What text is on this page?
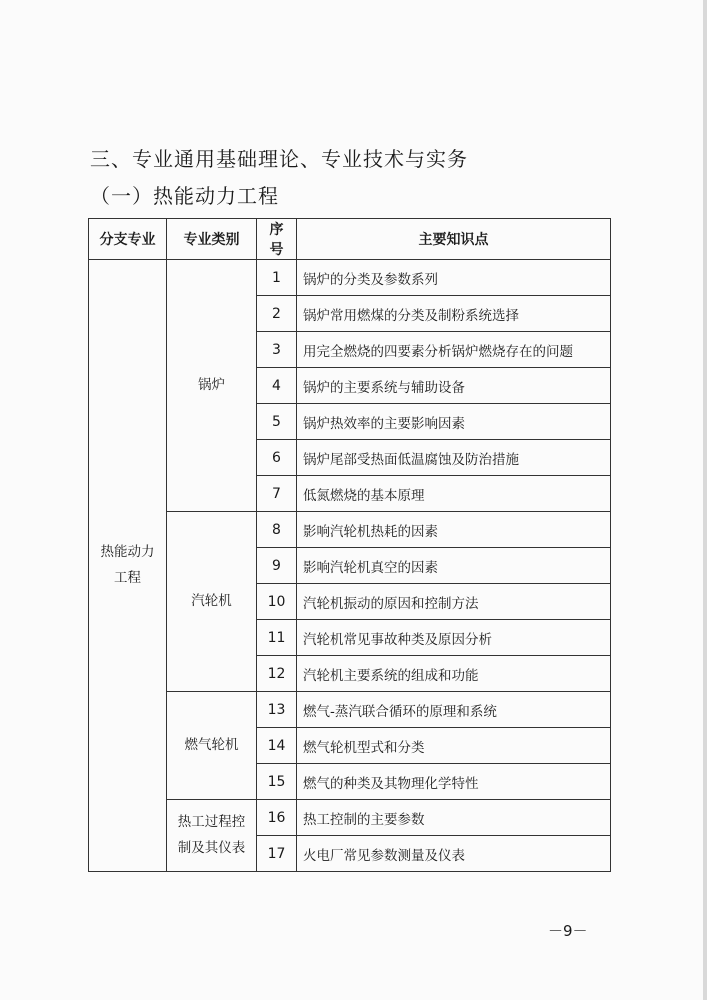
三、专业通用基础理论、专业技术与实务
（一）热能动力工程
分支专业	专业类别	序号	主要知识点
热能动力工程	锅炉	1	锅炉的分类及参数系列
		2	锅炉常用燃煤的分类及制粉系统选择
		3	用完全燃烧的四要素分析锅炉燃烧存在的问题
		4	锅炉的主要系统与辅助设备
		5	锅炉热效率的主要影响因素
		6	锅炉尾部受热面低温腐蚀及防治措施
		7	低氮燃烧的基本原理
	汽轮机	8	影响汽轮机热耗的因素
		9	影响汽轮机真空的因素
		10	汽轮机振动的原因和控制方法
		11	汽轮机常见事故种类及原因分析
		12	汽轮机主要系统的组成和功能
	燃气轮机	13	燃气-蒸汽联合循环的原理和系统
		14	燃气轮机型式和分类
		15	燃气的种类及其物理化学特性
	热工过程控制及其仪表	16	热工控制的主要参数
		17	火电厂常见参数测量及仪表
－9－
